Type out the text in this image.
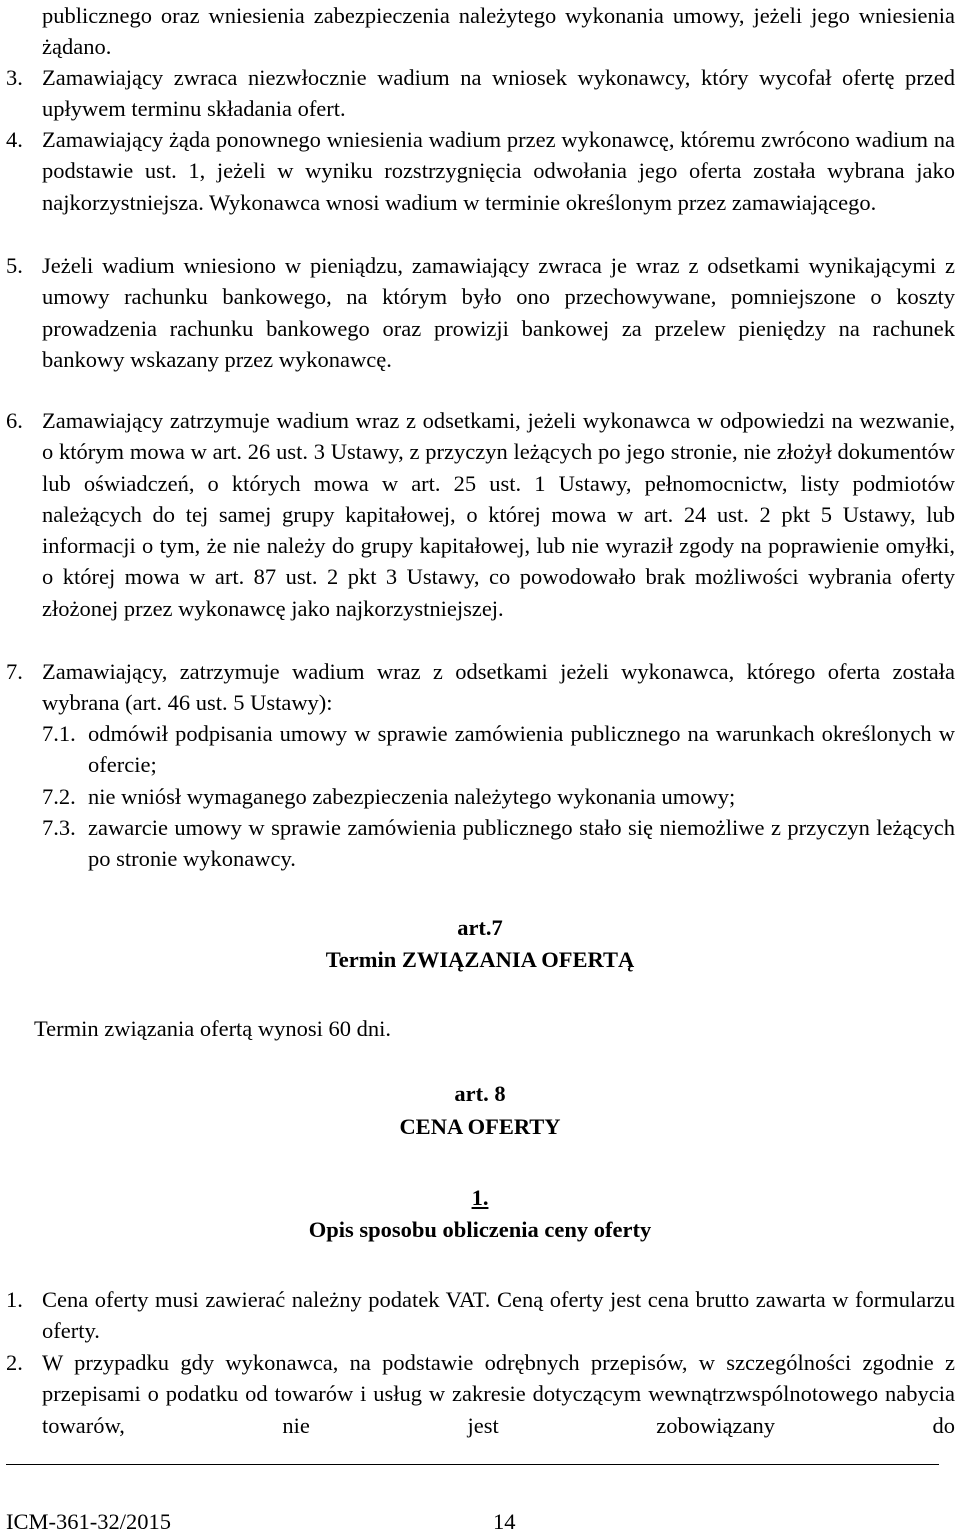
publicznego oraz wniesienia zabezpieczenia należytego wykonania umowy, jeżeli jego wniesienia żądano.
3. Zamawiający zwraca niezwłocznie wadium na wniosek wykonawcy, który wycofał ofertę przed upływem terminu składania ofert.
4. Zamawiający żąda ponownego wniesienia wadium przez wykonawcę, któremu zwrócono wadium na podstawie ust. 1, jeżeli w wyniku rozstrzygnięcia odwołania jego oferta została wybrana jako najkorzystniejsza. Wykonawca wnosi wadium w terminie określonym przez zamawiającego.
5. Jeżeli wadium wniesiono w pieniądzu, zamawiający zwraca je wraz z odsetkami wynikającymi z umowy rachunku bankowego, na którym było ono przechowywane, pomniejszone o koszty prowadzenia rachunku bankowego oraz prowizji bankowej za przelew pieniędzy na rachunek bankowy wskazany przez wykonawcę.
6. Zamawiający zatrzymuje wadium wraz z odsetkami, jeżeli wykonawca w odpowiedzi na wezwanie, o którym mowa w art. 26 ust. 3 Ustawy, z przyczyn leżących po jego stronie, nie złożył dokumentów lub oświadczeń, o których mowa w art. 25 ust. 1 Ustawy, pełnomocnictw, listy podmiotów należących do tej samej grupy kapitałowej, o której mowa w art. 24 ust. 2 pkt 5 Ustawy, lub informacji o tym, że nie należy do grupy kapitałowej, lub nie wyraził zgody na poprawienie omyłki, o której mowa w art. 87 ust. 2 pkt 3 Ustawy, co powodowało brak możliwości wybrania oferty złożonej przez wykonawcę jako najkorzystniejszej.
7. Zamawiający, zatrzymuje wadium wraz z odsetkami jeżeli wykonawca, którego oferta została wybrana (art. 46 ust. 5 Ustawy):
7.1. odmówił podpisania umowy w sprawie zamówienia publicznego na warunkach określonych w ofercie;
7.2. nie wniósł wymaganego zabezpieczenia należytego wykonania umowy;
7.3. zawarcie umowy w sprawie zamówienia publicznego stało się niemożliwe z przyczyn leżących po stronie wykonawcy.
art.7
Termin ZWIĄZANIA OFERTĄ
Termin związania ofertą wynosi 60 dni.
art. 8
CENA OFERTY
1.
Opis sposobu obliczenia ceny oferty
1. Cena oferty musi zawierać należny podatek VAT. Ceną oferty jest cena brutto zawarta w formularzu oferty.
2. W przypadku gdy wykonawca, na podstawie odrębnych przepisów, w szczególności zgodnie z przepisami o podatku od towarów i usług w zakresie dotyczącym wewnątrzwspólnotowego nabycia towarów, nie jest zobowiązany do
ICM-361-32/2015	14
